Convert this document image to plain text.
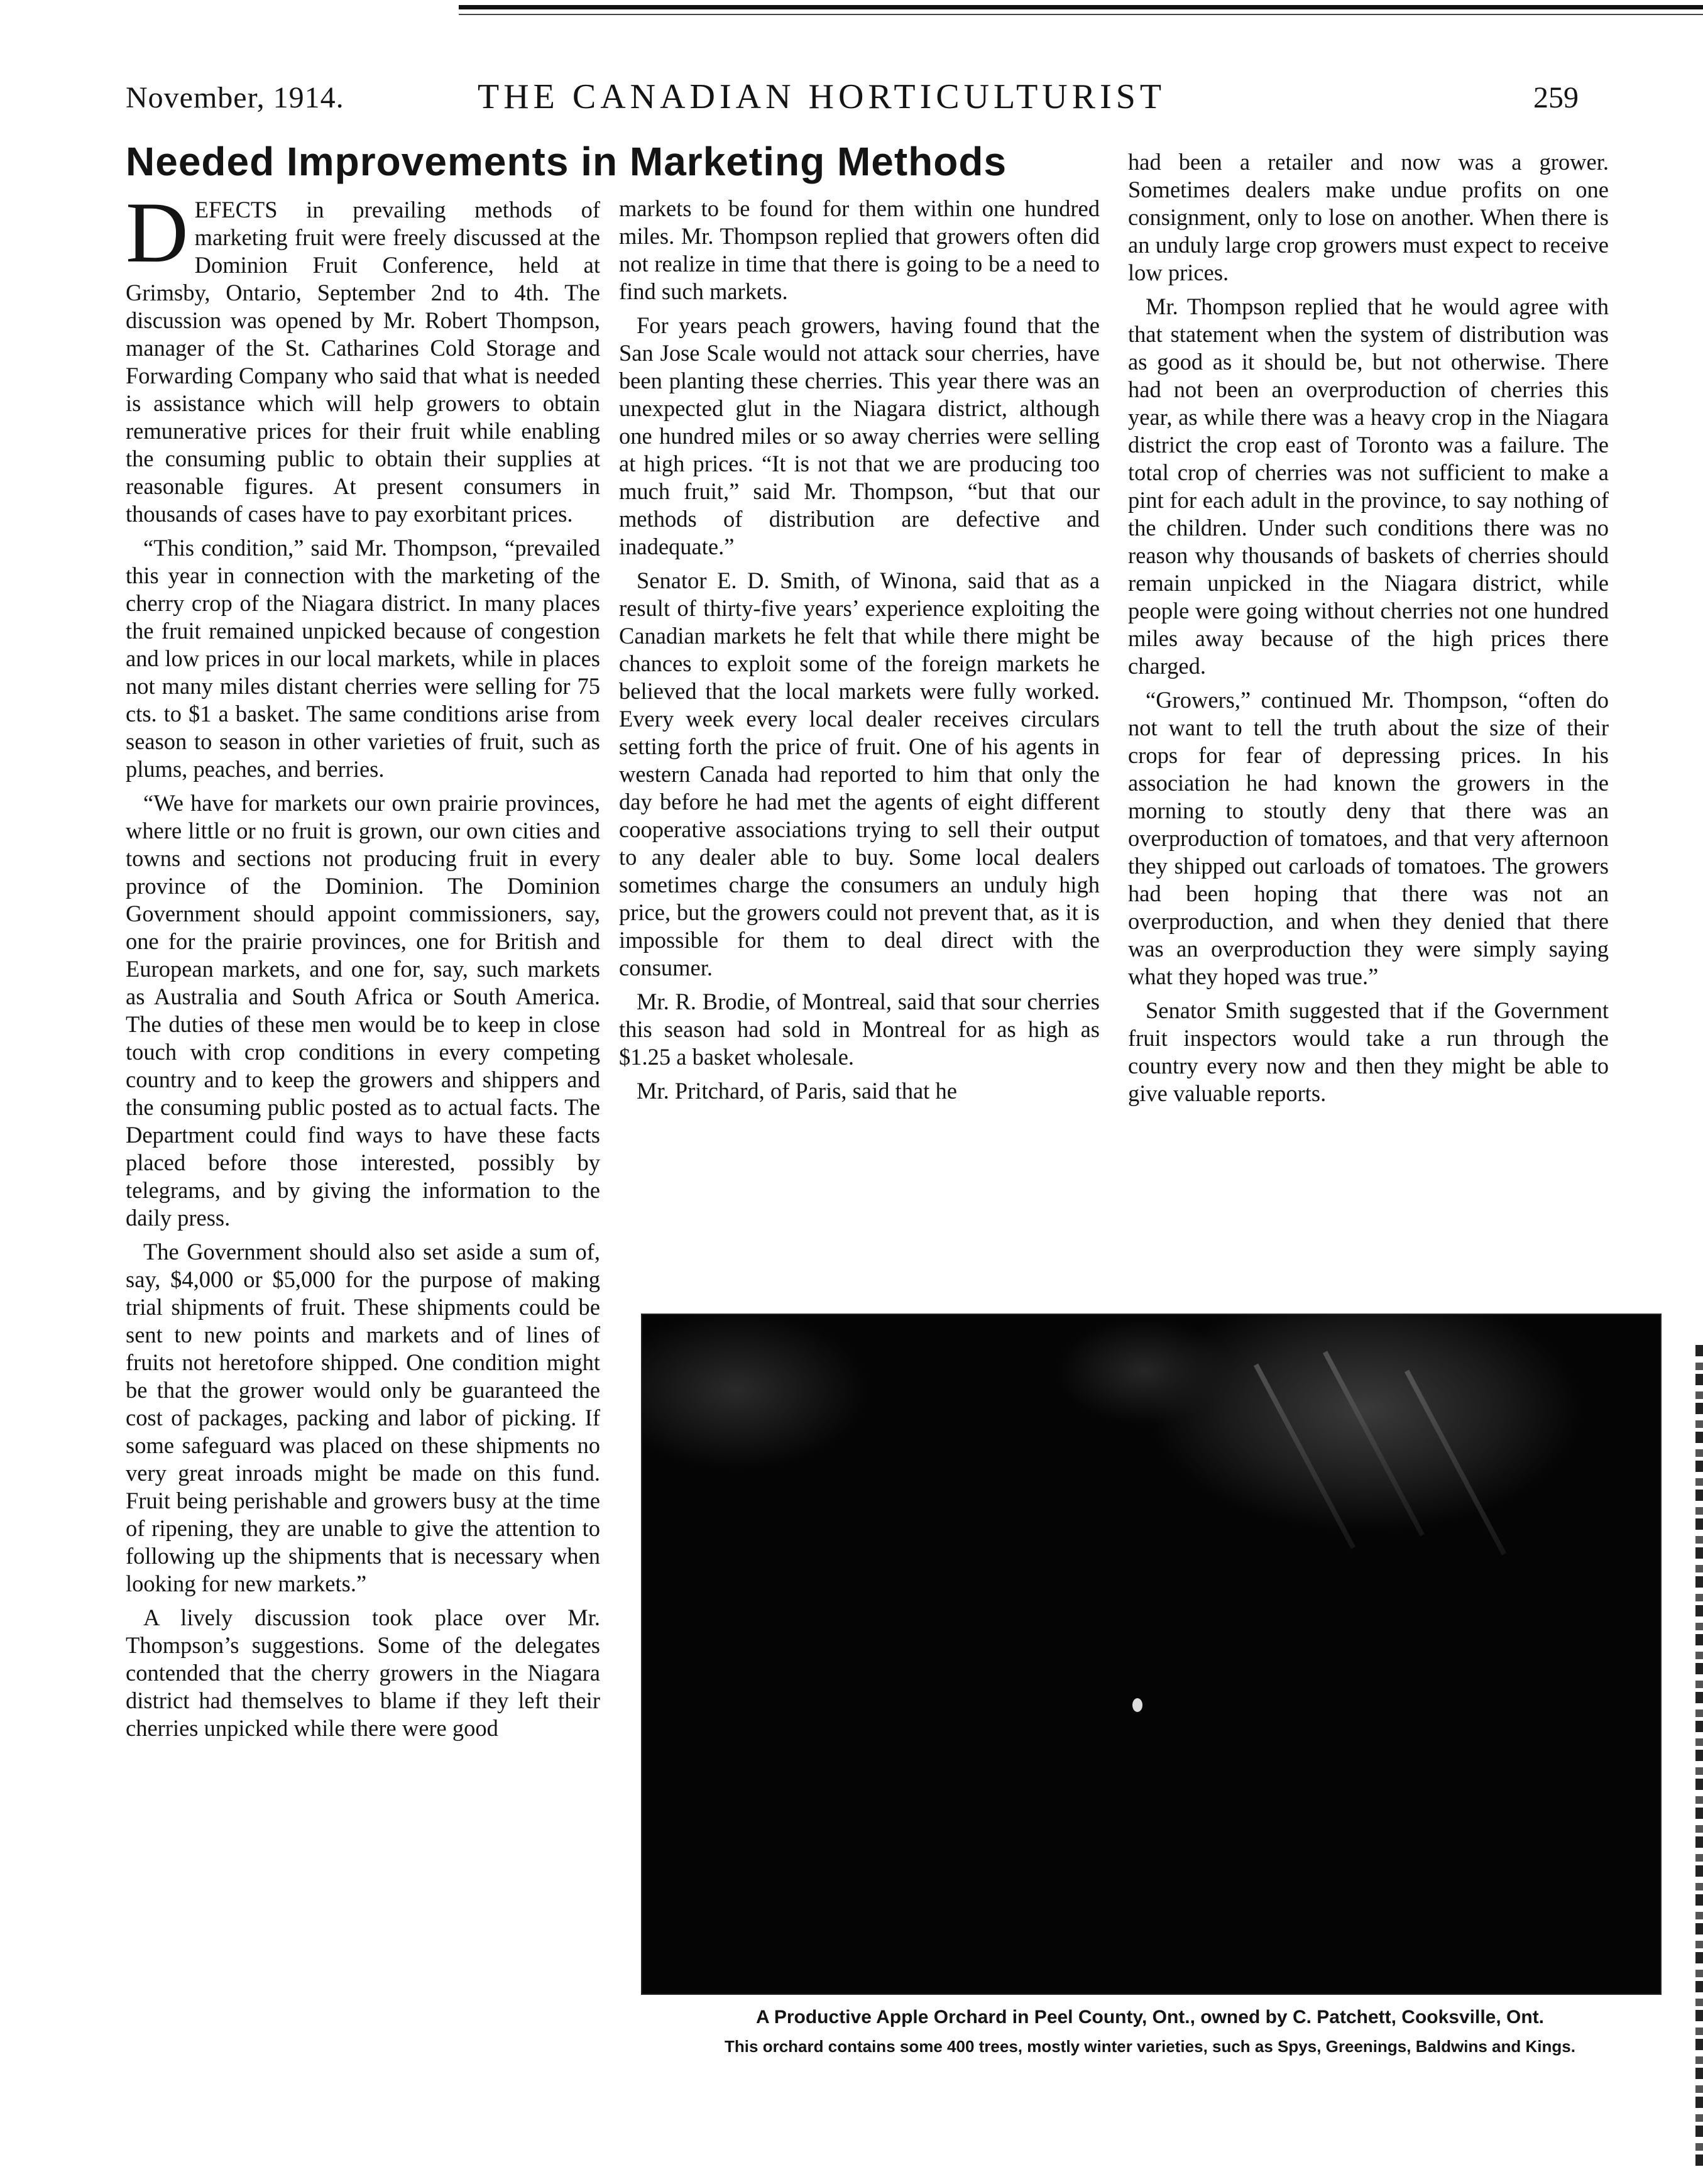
November, 1914.	THE CANADIAN HORTICULTURIST	259
Needed Improvements in Marketing Methods

DEFECTS in prevailing methods of marketing fruit were freely discussed at the Dominion Fruit Conference, held at Grimsby, Ontario, September 2nd to 4th. The discussion was opened by Mr. Robert Thompson, manager of the St. Catharines Cold Storage and Forwarding Company who said that what is needed is assistance which will help growers to obtain remunerative prices for their fruit while enabling the consuming public to obtain their supplies at reasonable figures. At present consumers in thousands of cases have to pay exorbitant prices.

“This condition,” said Mr. Thompson, “prevailed this year in connection with the marketing of the cherry crop of the Niagara district. In many places the fruit remained unpicked because of congestion and low prices in our local markets, while in places not many miles distant cherries were selling for 75 cts. to $1 a basket. The same conditions arise from season to season in other varieties of fruit, such as plums, peaches, and berries.

“We have for markets our own prairie provinces, where little or no fruit is grown, our own cities and towns and sections not producing fruit in every province of the Dominion. The Dominion Government should appoint commissioners, say, one for the prairie provinces, one for British and European markets, and one for, say, such markets as Australia and South Africa or South America. The duties of these men would be to keep in close touch with crop conditions in every competing country and to keep the growers and shippers and the consuming public posted as to actual facts. The Department could find ways to have these facts placed before those interested, possibly by telegrams, and by giving the information to the daily press.

The Government should also set aside a sum of, say, $4,000 or $5,000 for the purpose of making trial shipments of fruit. These shipments could be sent to new points and markets and of lines of fruits not heretofore shipped. One condition might be that the grower would only be guaranteed the cost of packages, packing and labor of picking. If some safeguard was placed on these shipments no very great inroads might be made on this fund. Fruit being perishable and growers busy at the time of ripening, they are unable to give the attention to following up the shipments that is necessary when looking for new markets.”

A lively discussion took place over Mr. Thompson’s suggestions. Some of the delegates contended that the cherry growers in the Niagara district had themselves to blame if they left their cherries unpicked while there were good

markets to be found for them within one hundred miles. Mr. Thompson replied that growers often did not realize in time that there is going to be a need to find such markets.

For years peach growers, having found that the San Jose Scale would not attack sour cherries, have been planting these cherries. This year there was an unexpected glut in the Niagara district, although one hundred miles or so away cherries were selling at high prices. “It is not that we are producing too much fruit,” said Mr. Thompson, “but that our methods of distribution are defective and inadequate.”

Senator E. D. Smith, of Winona, said that as a result of thirty-five years’ experience exploiting the Canadian markets he felt that while there might be chances to exploit some of the foreign markets he believed that the local markets were fully worked. Every week every local dealer receives circulars setting forth the price of fruit. One of his agents in western Canada had reported to him that only the day before he had met the agents of eight different cooperative associations trying to sell their output to any dealer able to buy. Some local dealers sometimes charge the consumers an unduly high price, but the growers could not prevent that, as it is impossible for them to deal direct with the consumer.

Mr. R. Brodie, of Montreal, said that sour cherries this season had sold in Montreal for as high as $1.25 a basket wholesale.

Mr. Pritchard, of Paris, said that he

had been a retailer and now was a grower. Sometimes dealers make undue profits on one consignment, only to lose on another. When there is an unduly large crop growers must expect to receive low prices.

Mr. Thompson replied that he would agree with that statement when the system of distribution was as good as it should be, but not otherwise. There had not been an overproduction of cherries this year, as while there was a heavy crop in the Niagara district the crop east of Toronto was a failure. The total crop of cherries was not sufficient to make a pint for each adult in the province, to say nothing of the children. Under such conditions there was no reason why thousands of baskets of cherries should remain unpicked in the Niagara district, while people were going without cherries not one hundred miles away because of the high prices there charged.

“Growers,” continued Mr. Thompson, “often do not want to tell the truth about the size of their crops for fear of depressing prices. In his association he had known the growers in the morning to stoutly deny that there was an overproduction of tomatoes, and that very afternoon they shipped out carloads of tomatoes. The growers had been hoping that there was not an overproduction, and when they denied that there was an overproduction they were simply saying what they hoped was true.”

Senator Smith suggested that if the Government fruit inspectors would take a run through the country every now and then they might be able to give valuable reports.

A Productive Apple Orchard in Peel County, Ont., owned by C. Patchett, Cooksville, Ont.
This orchard contains some 400 trees, mostly winter varieties, such as Spys, Greenings, Baldwins and Kings.
